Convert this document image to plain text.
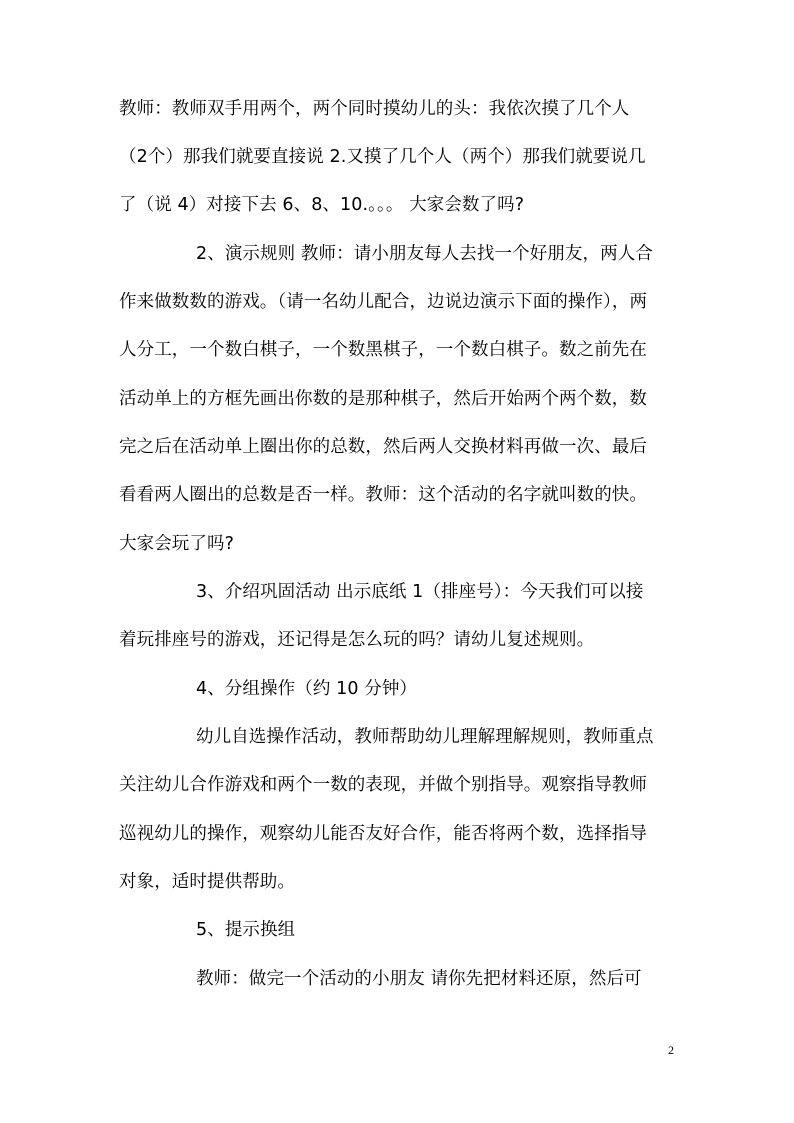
教师：教师双手用两个，两个同时摸幼儿的头：我依次摸了几个人
（2个）那我们就要直接说 2.又摸了几个人（两个）那我们就要说几
了（说 4）对接下去 6、8、10.。。。 大家会数了吗?
2、演示规则 教师：请小朋友每人去找一个好朋友，两人合
作来做数数的游戏。（请一名幼儿配合，边说边演示下面的操作），两
人分工，一个数白棋子，一个数黑棋子，一个数白棋子。数之前先在
活动单上的方框先画出你数的是那种棋子，然后开始两个两个数，数
完之后在活动单上圈出你的总数，然后两人交换材料再做一次、最后
看看两人圈出的总数是否一样。教师：这个活动的名字就叫数的快。
大家会玩了吗?
3、介绍巩固活动 出示底纸 1（排座号）：今天我们可以接
着玩排座号的游戏，还记得是怎么玩的吗？请幼儿复述规则。
4、分组操作（约 10 分钟）
幼儿自选操作活动，教师帮助幼儿理解理解规则，教师重点
关注幼儿合作游戏和两个一数的表现，并做个别指导。观察指导教师
巡视幼儿的操作，观察幼儿能否友好合作，能否将两个数，选择指导
对象，适时提供帮助。
5、提示换组
教师：做完一个活动的小朋友 请你先把材料还原，然后可
2
